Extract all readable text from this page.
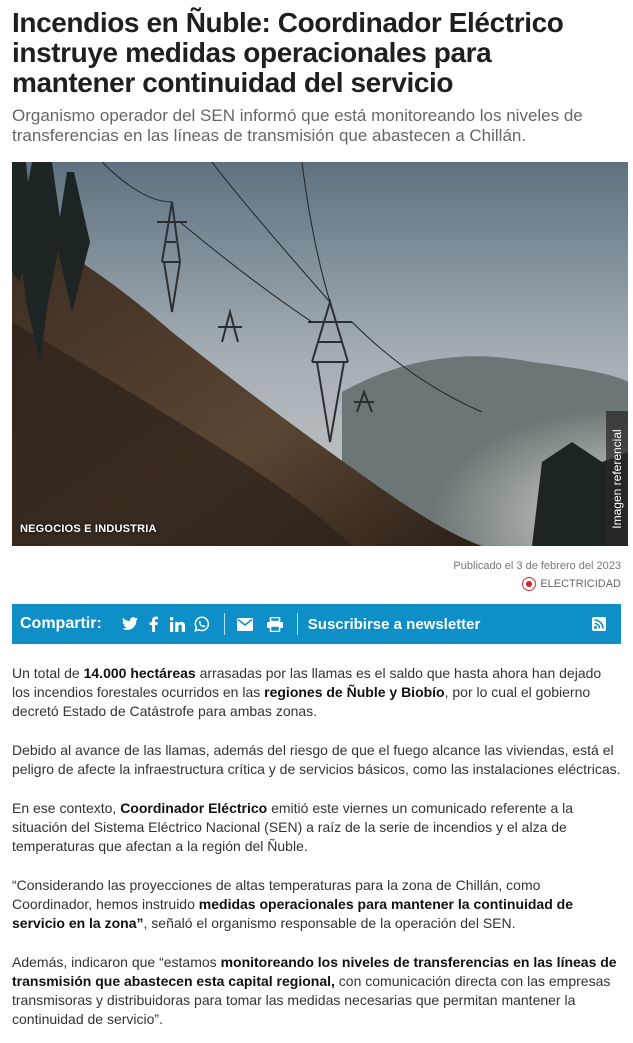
Incendios en Ñuble: Coordinador Eléctrico instruye medidas operacionales para mantener continuidad del servicio

Organismo operador del SEN informó que está monitoreando los niveles de transferencias en las líneas de transmisión que abastecen a Chillán.

NEGOCIOS E INDUSTRIA
Imagen referencial
Publicado el 3 de febrero del 2023
ELECTRICIDAD
Compartir:	Suscribirse a newsletter

Un total de 14.000 hectáreas arrasadas por las llamas es el saldo que hasta ahora han dejado los incendios forestales ocurridos en las regiones de Ñuble y Biobío, por lo cual el gobierno decretó Estado de Catástrofe para ambas zonas.

Debido al avance de las llamas, además del riesgo de que el fuego alcance las viviendas, está el peligro de afecte la infraestructura crítica y de servicios básicos, como las instalaciones eléctricas.

En ese contexto, Coordinador Eléctrico emitió este viernes un comunicado referente a la situación del Sistema Eléctrico Nacional (SEN) a raíz de la serie de incendios y el alza de temperaturas que afectan a la región del Ñuble.

“Considerando las proyecciones de altas temperaturas para la zona de Chillán, como Coordinador, hemos instruido medidas operacionales para mantener la continuidad de servicio en la zona”, señaló el organismo responsable de la operación del SEN.

Además, indicaron que “estamos monitoreando los niveles de transferencias en las líneas de transmisión que abastecen esta capital regional, con comunicación directa con las empresas transmisoras y distribuidoras para tomar las medidas necesarias que permitan mantener la continuidad de servicio”.
